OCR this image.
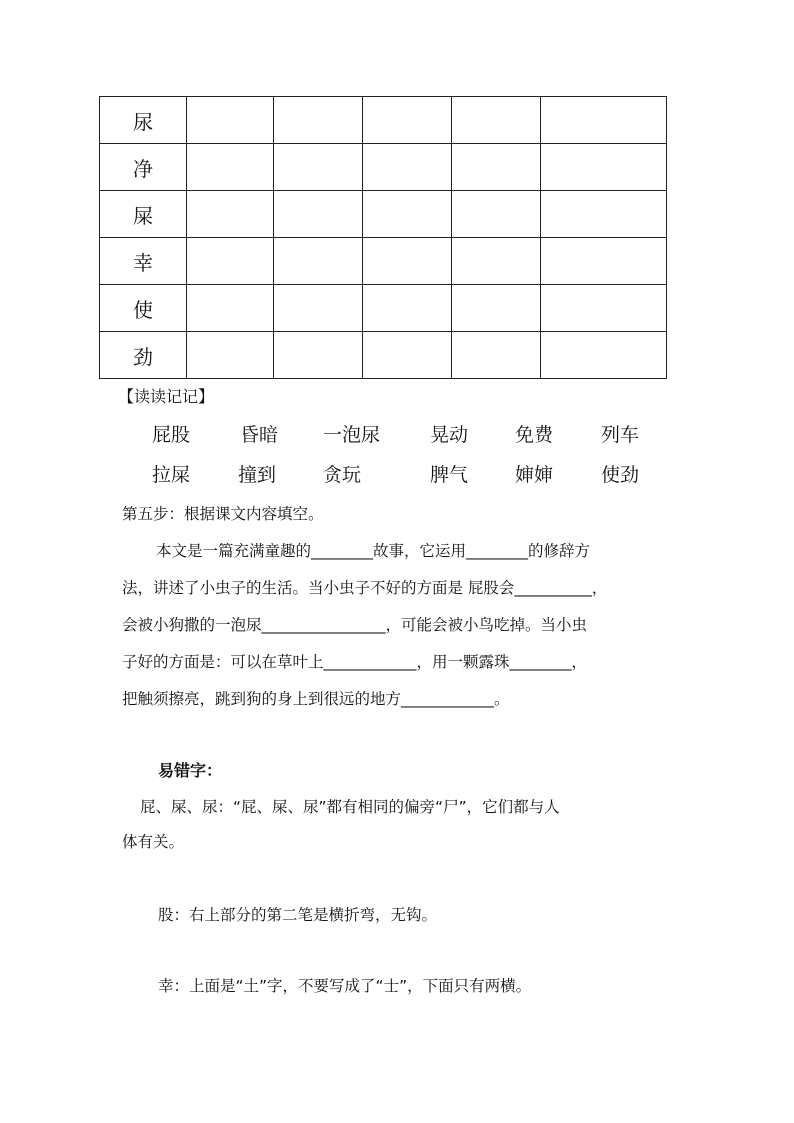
尿					
净					
屎					
幸					
使					
劲					
【读读记记】
屁股	昏暗 一泡尿	晃动 免费	列车
拉屎	撞到 贪玩	脾气 婶婶	使劲
第五步：根据课文内容填空。
本文是一篇充满童趣的________故事，它运用________的修辞方
法，讲述了小虫子的生活。当小虫子不好的方面是 屁股会__________，
会被小狗撒的一泡尿________________，可能会被小鸟吃掉。当小虫
子好的方面是：可以在草叶上____________，用一颗露珠________，
把触须擦亮，跳到狗的身上到很远的地方____________。
易错字：
屁、屎、尿：“屁、屎、尿”都有相同的偏旁“尸”，它们都与人
体有关。
股：右上部分的第二笔是横折弯，无钩。
幸：上面是“土”字，不要写成了“士”，下面只有两横。
